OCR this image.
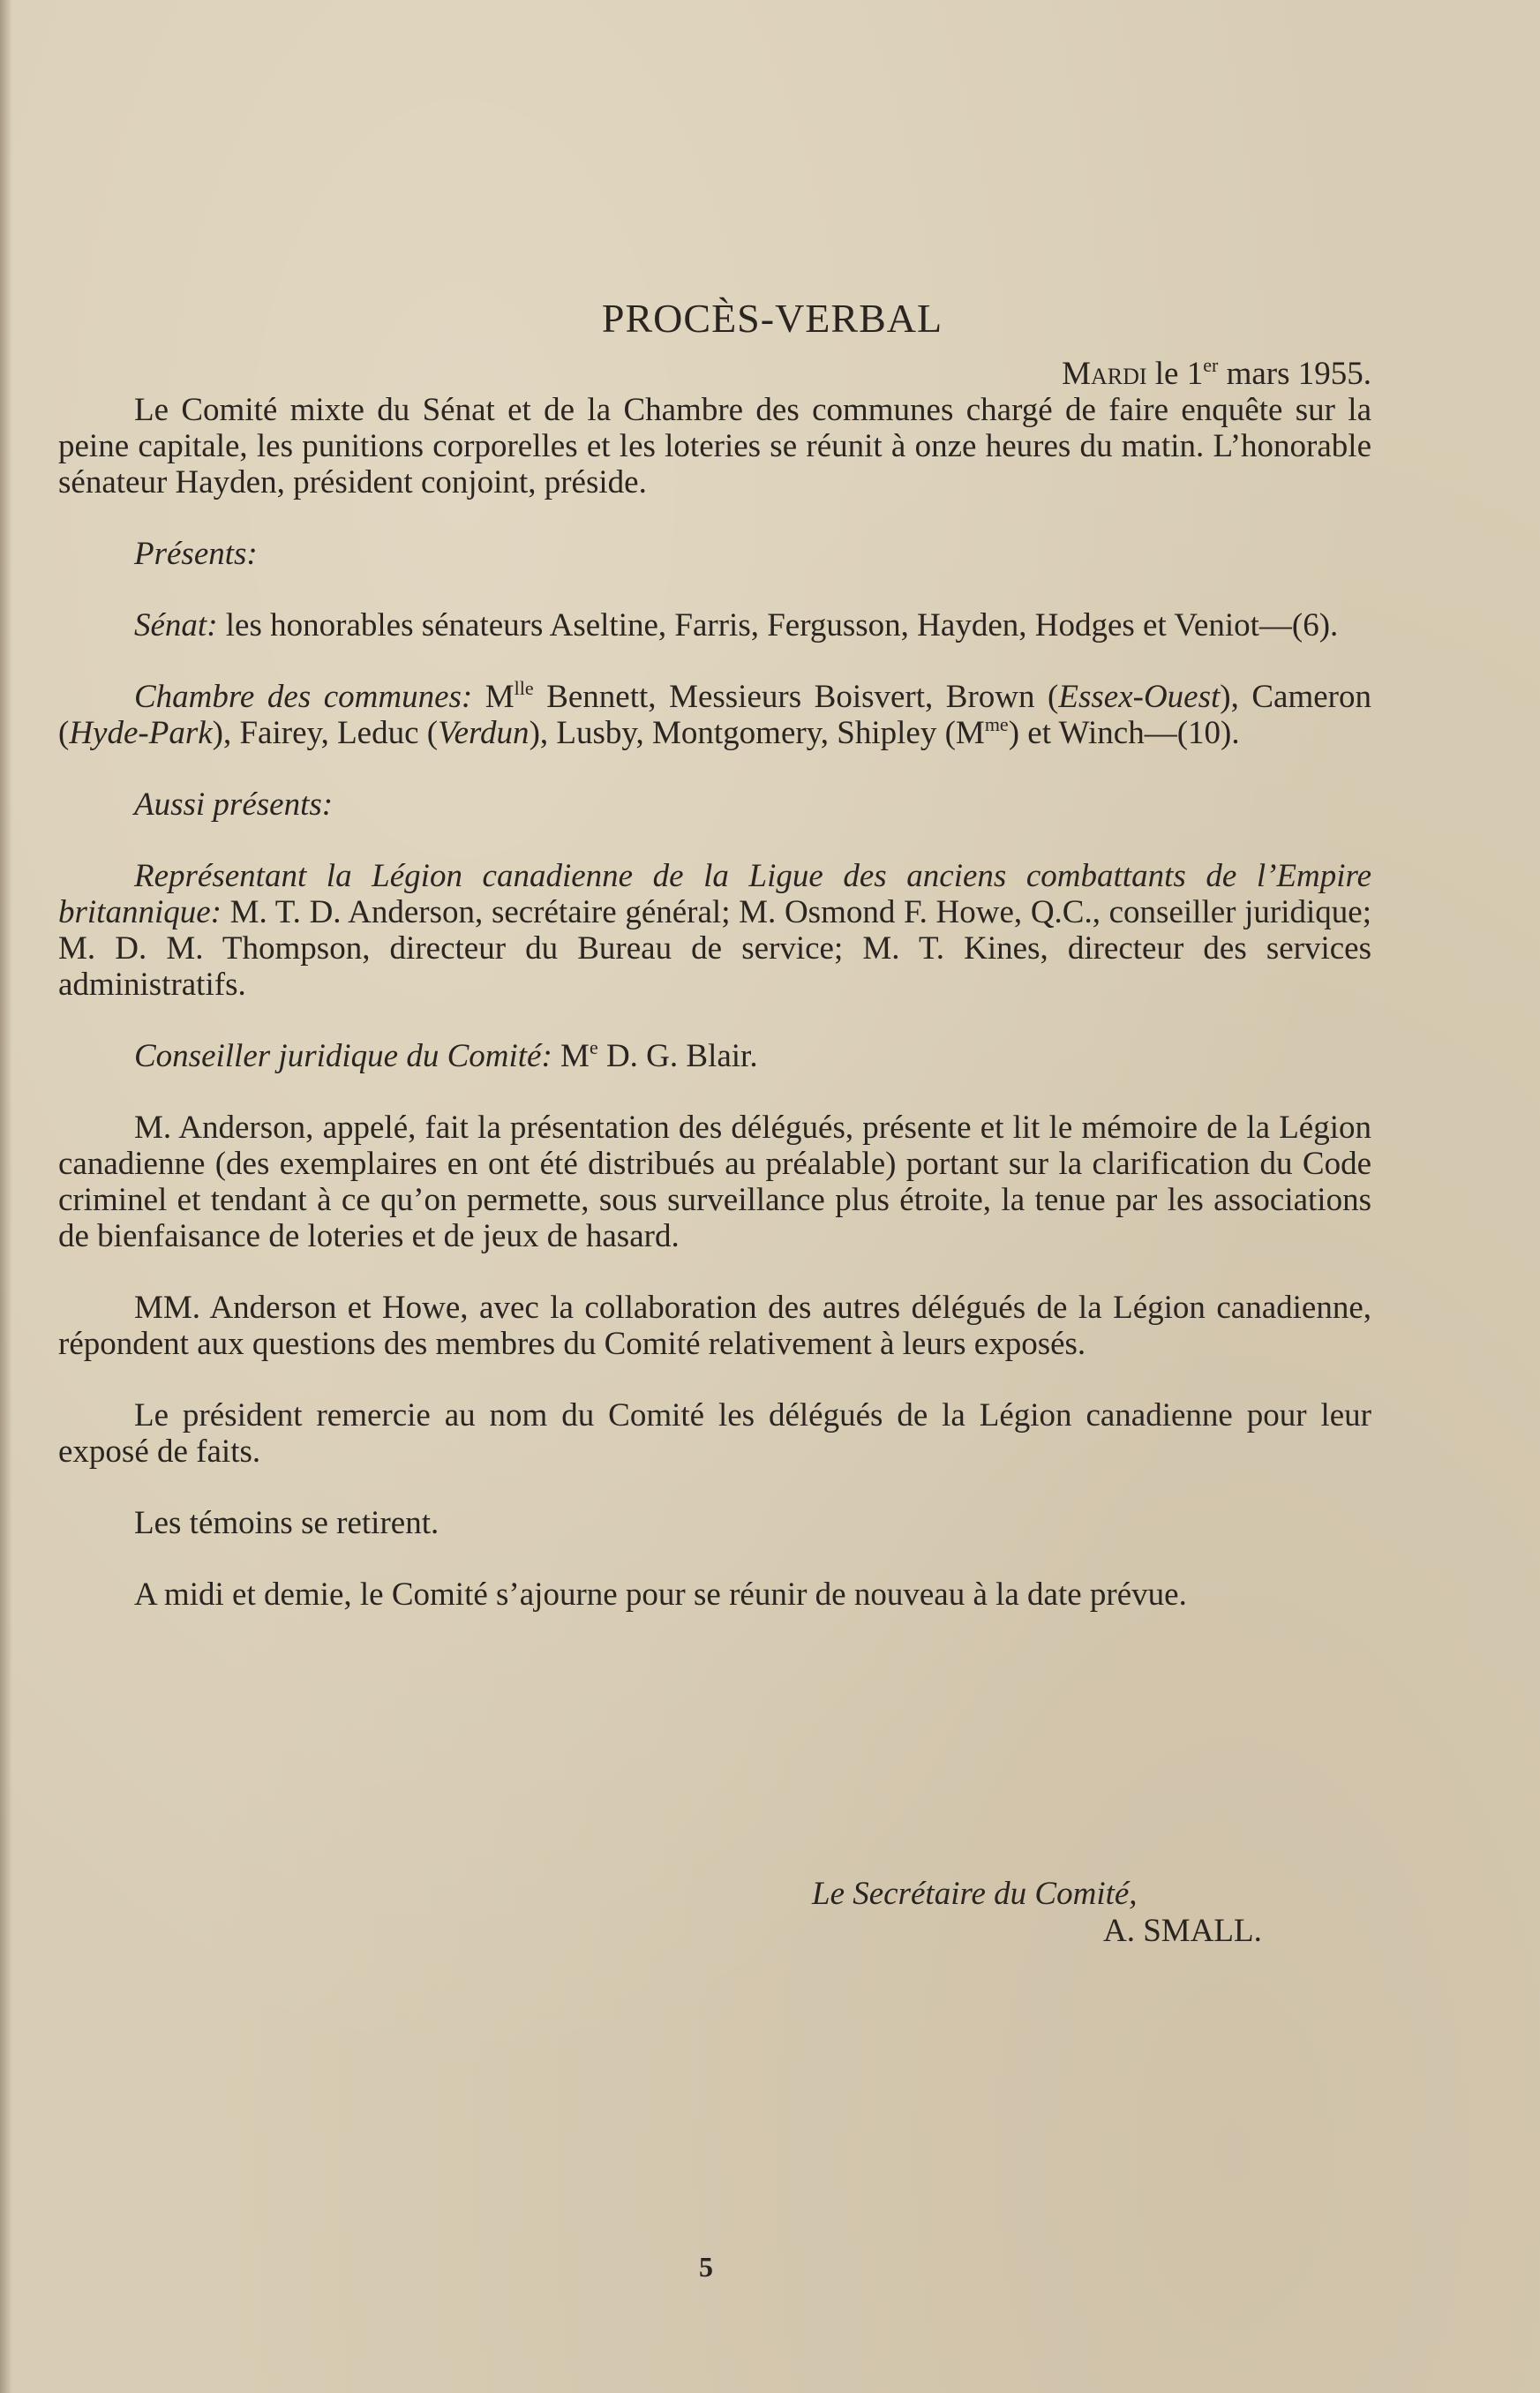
PROCÈS-VERBAL

Mardi le 1er mars 1955.

Le Comité mixte du Sénat et de la Chambre des communes chargé de faire enquête sur la peine capitale, les punitions corporelles et les loteries se réunit à onze heures du matin. L’honorable sénateur Hayden, président conjoint, préside.

Présents:

Sénat: les honorables sénateurs Aseltine, Farris, Fergusson, Hayden, Hodges et Veniot—(6).

Chambre des communes: $M^{lle}$ Bennett, Messieurs Boisvert, Brown (Essex-Ouest), Cameron (Hyde-Park), Fairey, Leduc (Verdun), Lusby, Montgomery, Shipley $(M^{me})$ et Winch—(10).

Aussi présents:

Représentant la Légion canadienne de la Ligue des anciens combattants de l’Empire britannique: M. T. D. Anderson, secrétaire général; M. Osmond F. Howe, Q.C., conseiller juridique; M. D. M. Thompson, directeur du Bureau de service; M. T. Kines, directeur des services administratifs.

Conseiller juridique du Comité: Me D. G. Blair.

M. Anderson, appelé, fait la présentation des délégués, présente et lit le mémoire de la Légion canadienne (des exemplaires en ont été distribués au préalable) portant sur la clarification du Code criminel et tendant à ce qu’on permette, sous surveillance plus étroite, la tenue par les associations de bienfaisance de loteries et de jeux de hasard.

MM. Anderson et Howe, avec la collaboration des autres délégués de la Légion canadienne, répondent aux questions des membres du Comité relativement à leurs exposés.

Le président remercie au nom du Comité les délégués de la Légion canadienne pour leur exposé de faits.

Les témoins se retirent.

A midi et demie, le Comité s’ajourne pour se réunir de nouveau à la date prévue.

Le Secrétaire du Comité,
A. SMALL.
5
